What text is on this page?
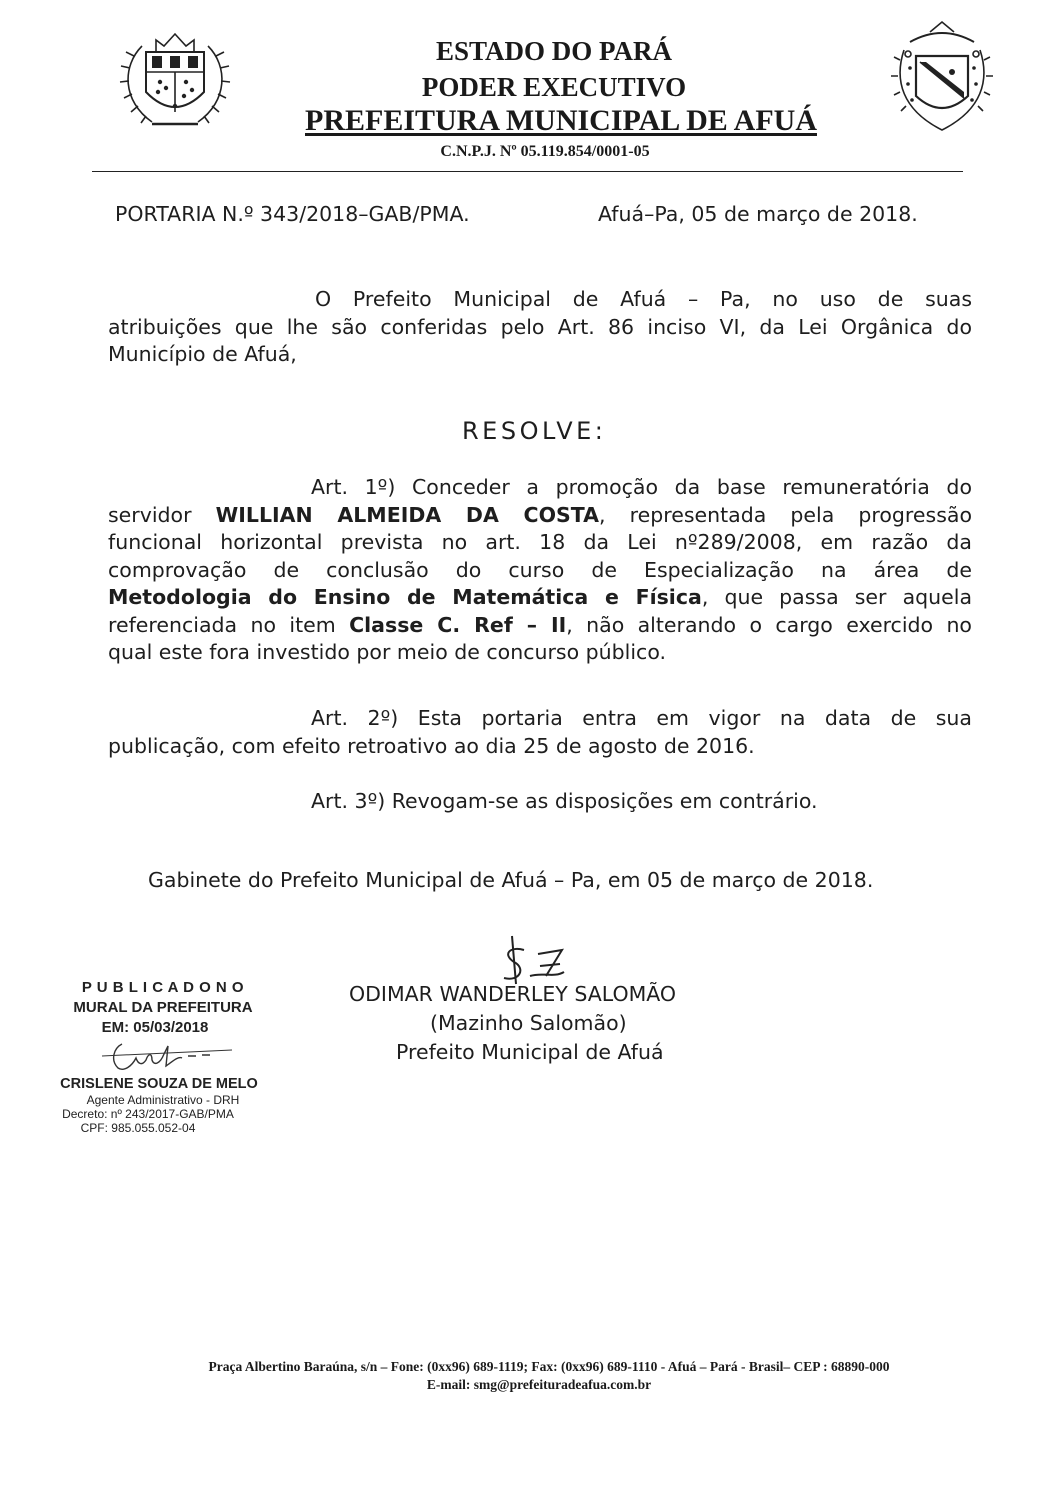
ESTADO DO PARÁ
PODER EXECUTIVO
PREFEITURA MUNICIPAL DE AFUÁ
C.N.P.J. Nº 05.119.854/0001-05
PORTARIA N.º 343/2018–GAB/PMA.	Afuá–Pa, 05 de março de 2018.
O Prefeito Municipal de Afuá – Pa, no uso de suas
atribuições que lhe são conferidas pelo Art. 86 inciso VI, da Lei Orgânica do
Município de Afuá,
RESOLVE:
Art. 1º) Conceder a promoção da base remuneratória do
servidor WILLIAN ALMEIDA DA COSTA, representada pela progressão
funcional horizontal prevista no art. 18 da Lei nº289/2008, em razão da
comprovação de conclusão do curso de Especialização na área de
Metodologia do Ensino de Matemática e Física, que passa ser aquela
referenciada no item Classe C. Ref – II, não alterando o cargo exercido no
qual este fora investido por meio de concurso público.
Art. 2º) Esta portaria entra em vigor na data de sua
publicação, com efeito retroativo ao dia 25 de agosto de 2016.
Art. 3º) Revogam-se as disposições em contrário.
Gabinete do Prefeito Municipal de Afuá – Pa, em 05 de março de 2018.
ODIMAR WANDERLEY SALOMÃO
(Mazinho Salomão)
Prefeito Municipal de Afuá
P U B L I C A D O N O
MURAL DA PREFEITURA
EM: 05/03/2018
CRISLENE SOUZA DE MELO
Agente Administrativo - DRH
Decreto: nº 243/2017-GAB/PMA
CPF: 985.055.052-04
Praça Albertino Baraúna, s/n – Fone: (0xx96) 689-1119; Fax: (0xx96) 689-1110 - Afuá – Pará - Brasil– CEP : 68890-000
E-mail: smg@prefeituradeafua.com.br
